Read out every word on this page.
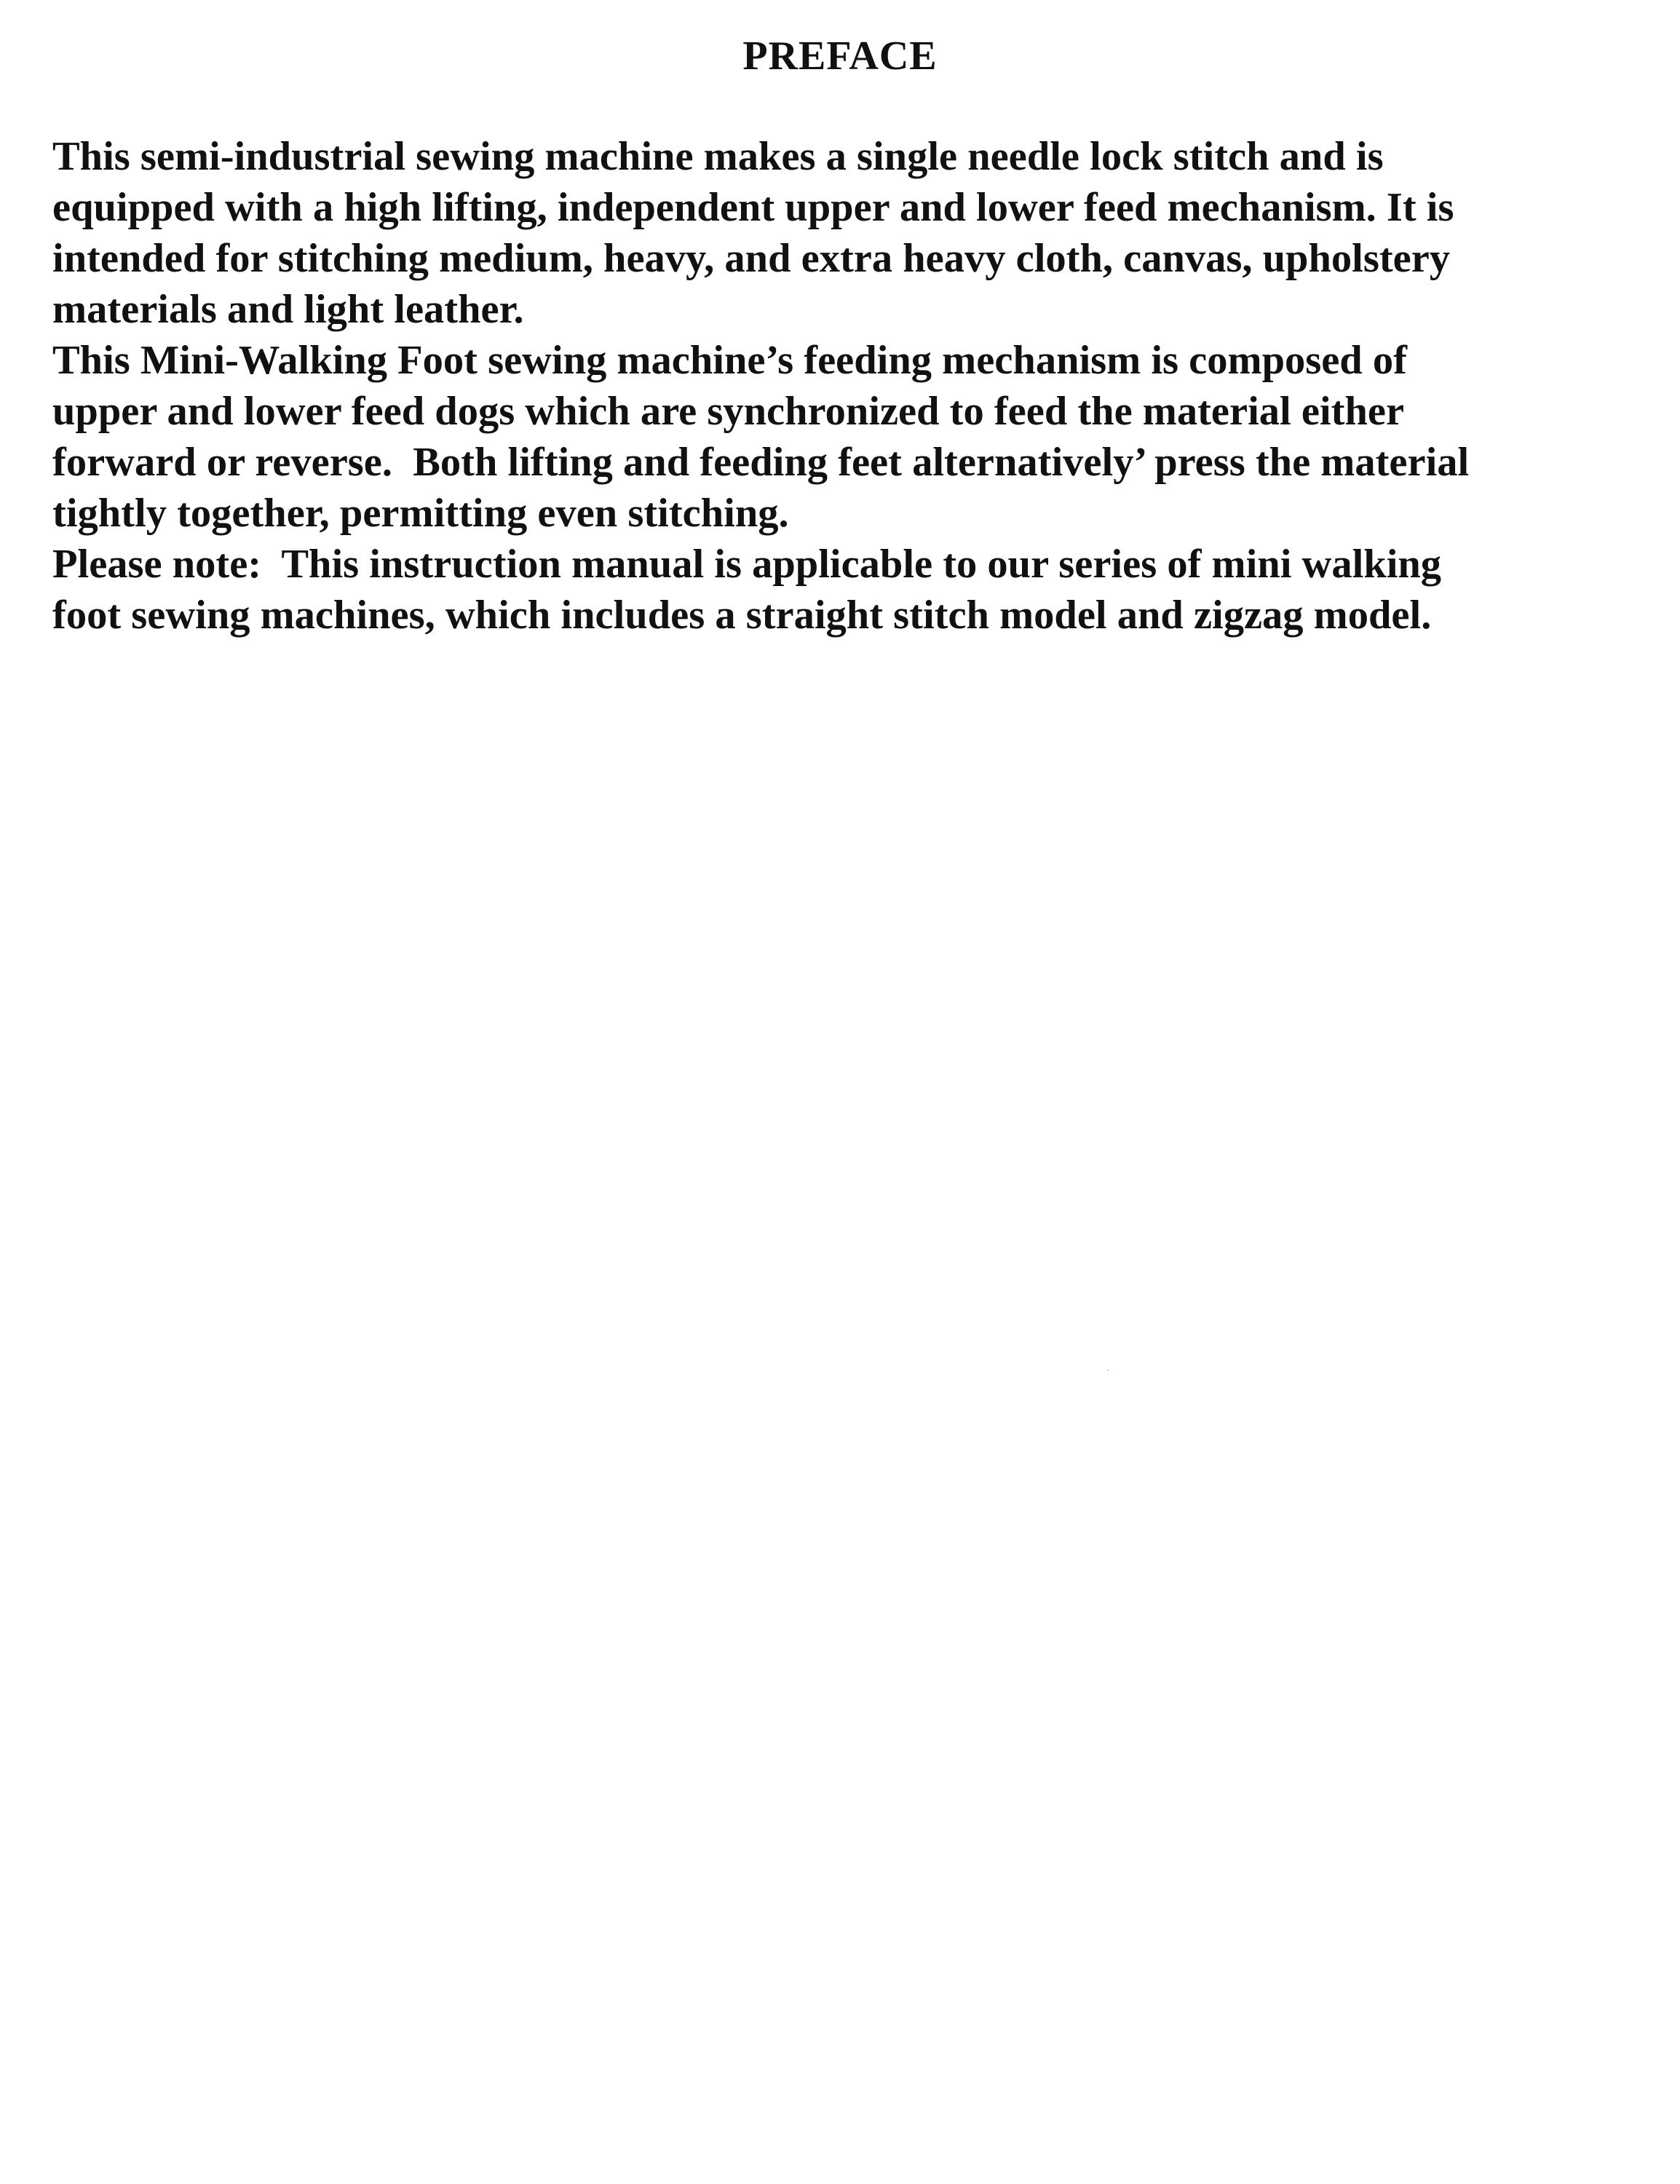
PREFACE

This semi-industrial sewing machine makes a single needle lock stitch and is

equipped with a high lifting, independent upper and lower feed mechanism. It is

intended for stitching medium, heavy, and extra heavy cloth, canvas, upholstery

materials and light leather.

This Mini-Walking Foot sewing machine’s feeding mechanism is composed of

upper and lower feed dogs which are synchronized to feed the material either

forward or reverse.  Both lifting and feeding feet alternatively’ press the material

tightly together, permitting even stitching.

Please note:  This instruction manual is applicable to our series of mini walking

foot sewing machines, which includes a straight stitch model and zigzag model.
